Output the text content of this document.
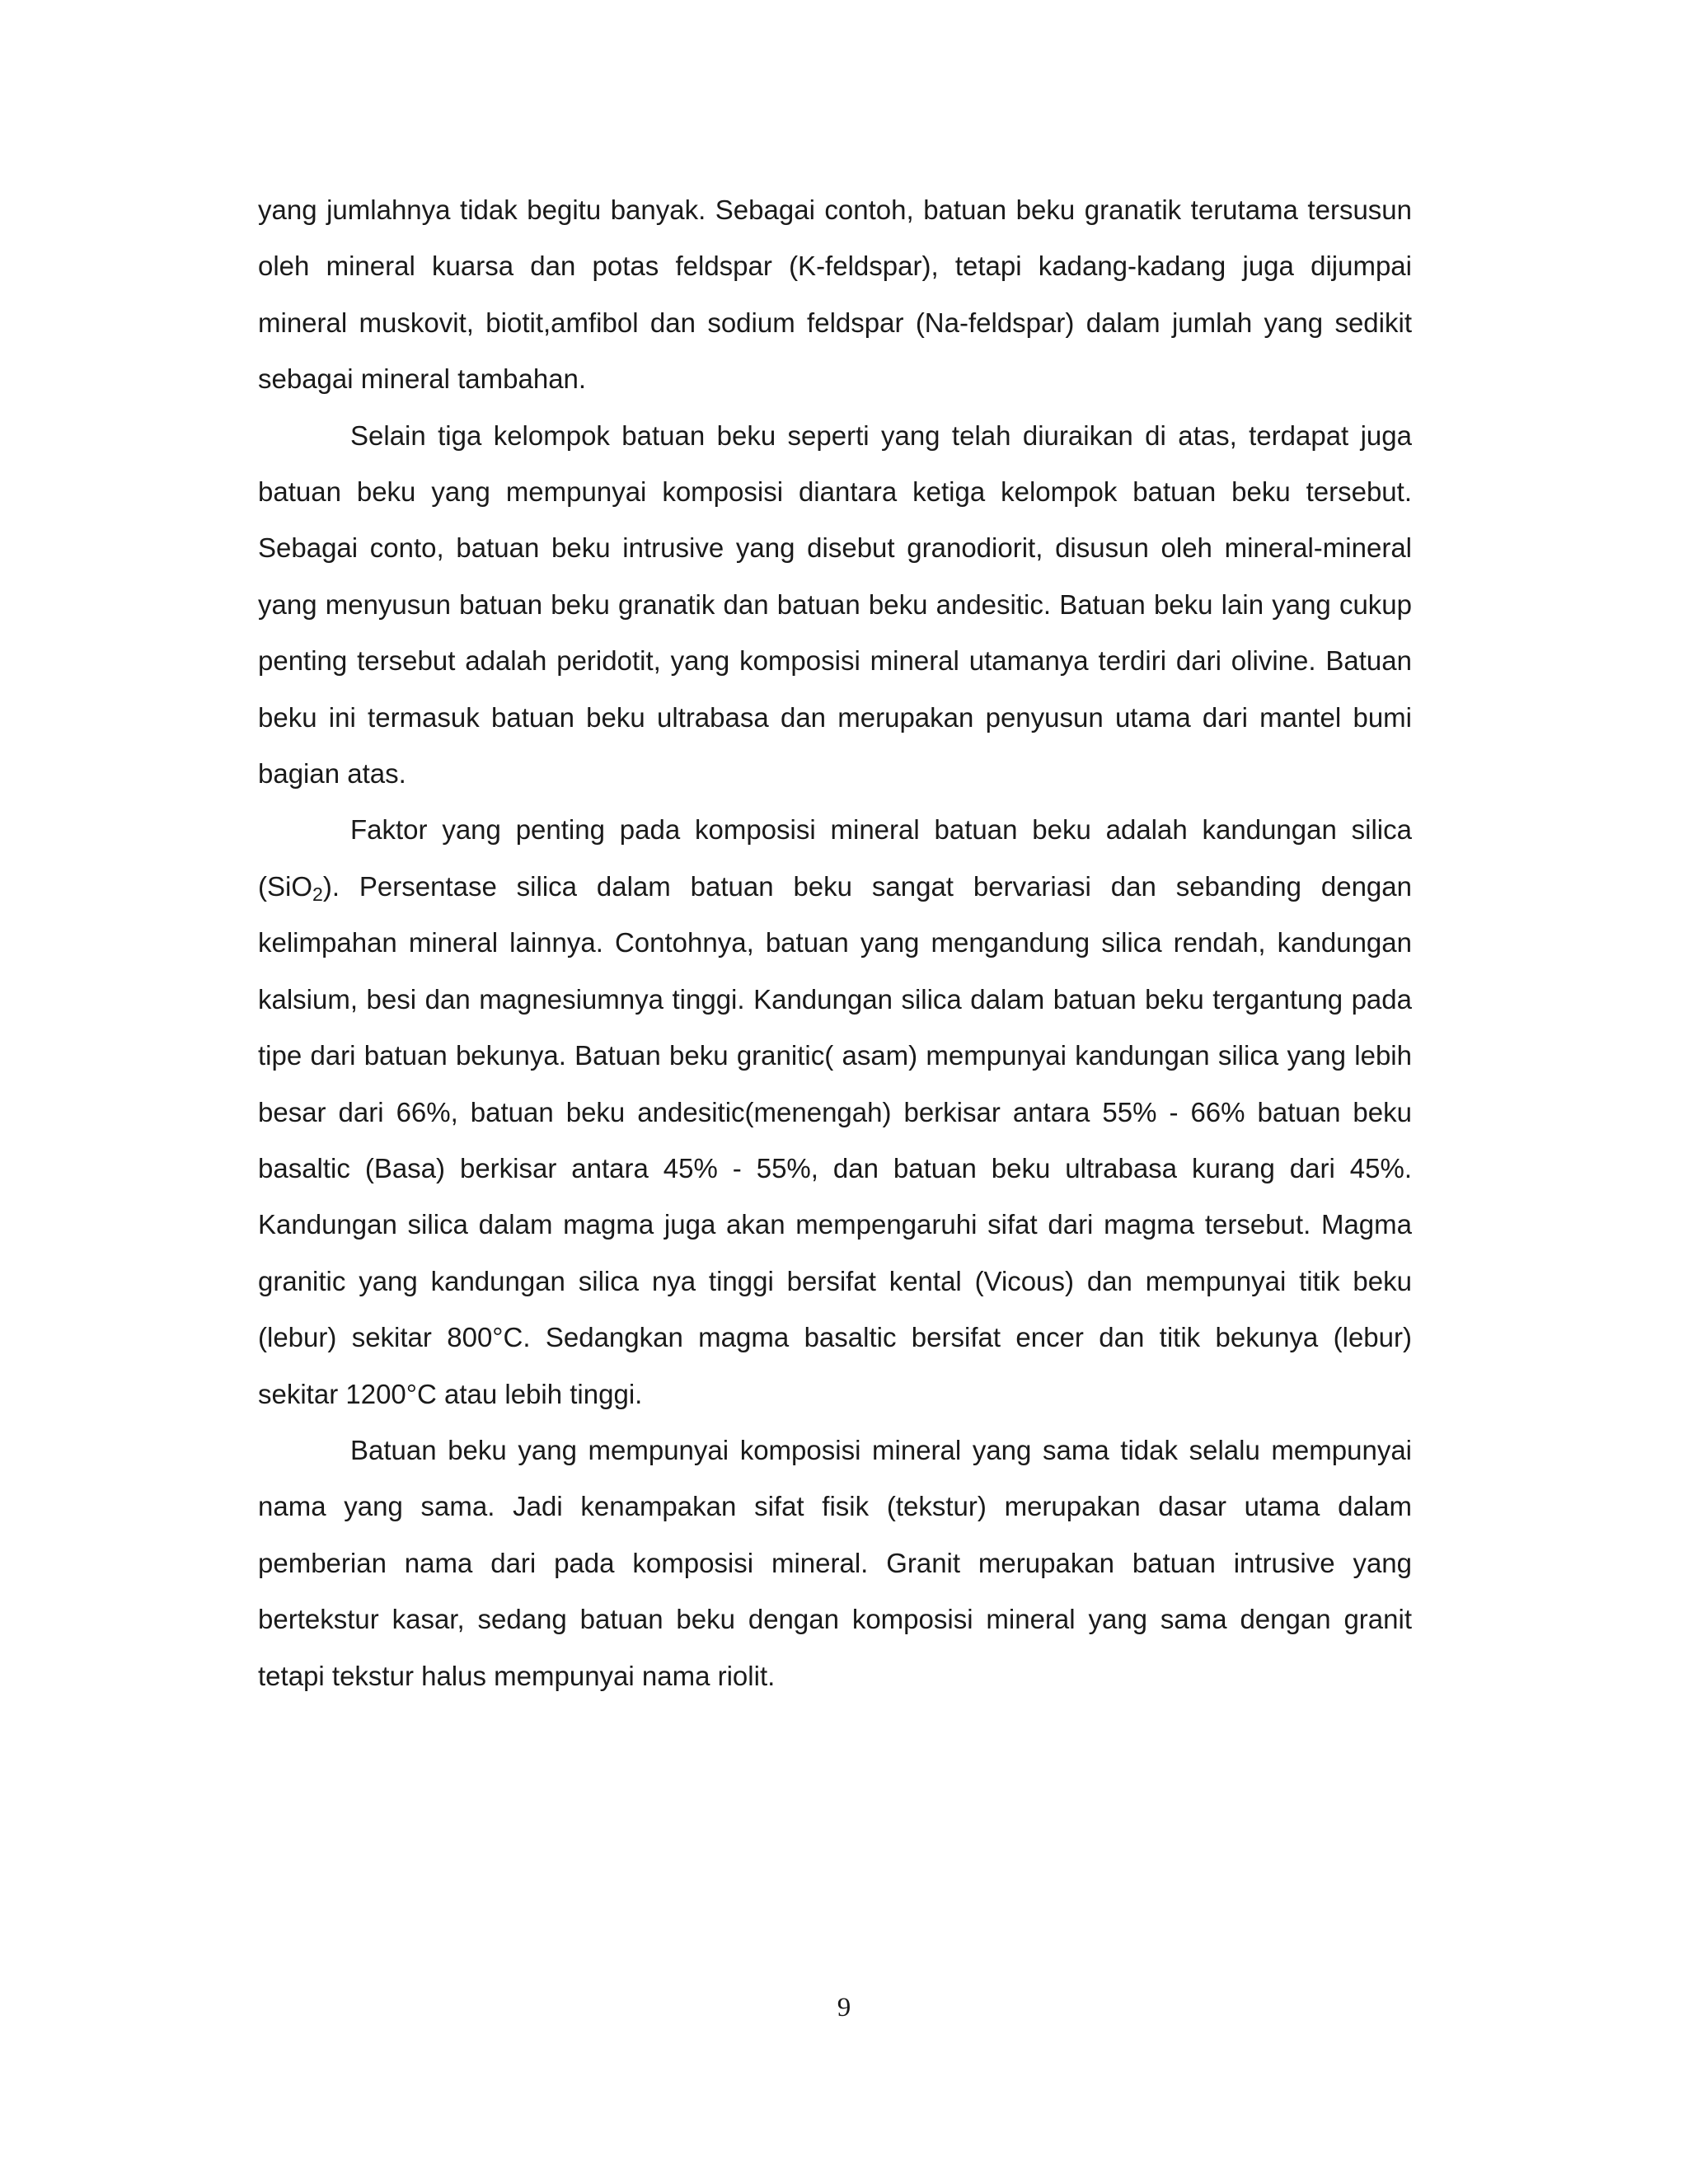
yang jumlahnya tidak begitu banyak. Sebagai contoh, batuan beku granatik terutama tersusun oleh mineral kuarsa dan potas feldspar (K-feldspar), tetapi kadang-kadang juga dijumpai mineral muskovit, biotit,amfibol dan sodium feldspar (Na-feldspar) dalam jumlah yang sedikit sebagai mineral tambahan.

Selain tiga kelompok batuan beku seperti yang telah diuraikan di atas, terdapat juga batuan beku yang mempunyai komposisi diantara ketiga kelompok batuan beku tersebut. Sebagai conto, batuan beku intrusive yang disebut granodiorit, disusun oleh mineral-mineral yang menyusun batuan beku granatik dan batuan beku andesitic. Batuan beku lain yang cukup penting tersebut adalah peridotit, yang komposisi mineral utamanya terdiri dari olivine. Batuan beku ini termasuk batuan beku ultrabasa dan merupakan penyusun utama dari mantel bumi bagian atas.

Faktor yang penting pada komposisi mineral batuan beku adalah kandungan silica (SiO$_2$). Persentase silica dalam batuan beku sangat bervariasi dan sebanding dengan kelimpahan mineral lainnya. Contohnya, batuan yang mengandung silica rendah, kandungan kalsium, besi dan magnesiumnya tinggi. Kandungan silica dalam batuan beku tergantung pada tipe dari batuan bekunya. Batuan beku granitic( asam) mempunyai kandungan silica yang lebih besar dari 66%, batuan beku andesitic(menengah) berkisar antara 55% - 66% batuan beku basaltic (Basa) berkisar antara 45% - 55%, dan batuan beku ultrabasa kurang dari 45%. Kandungan silica dalam magma juga akan mempengaruhi sifat dari magma tersebut. Magma granitic yang kandungan silica nya tinggi bersifat kental (Vicous) dan mempunyai titik beku (lebur) sekitar 800°C. Sedangkan magma basaltic bersifat encer dan titik bekunya (lebur) sekitar 1200°C atau lebih tinggi.

Batuan beku yang mempunyai komposisi mineral yang sama tidak selalu mempunyai nama yang sama. Jadi kenampakan sifat fisik (tekstur) merupakan dasar utama dalam pemberian nama dari pada komposisi mineral. Granit merupakan batuan intrusive yang bertekstur kasar, sedang batuan beku dengan komposisi mineral yang sama dengan granit tetapi tekstur halus mempunyai nama riolit.

9
